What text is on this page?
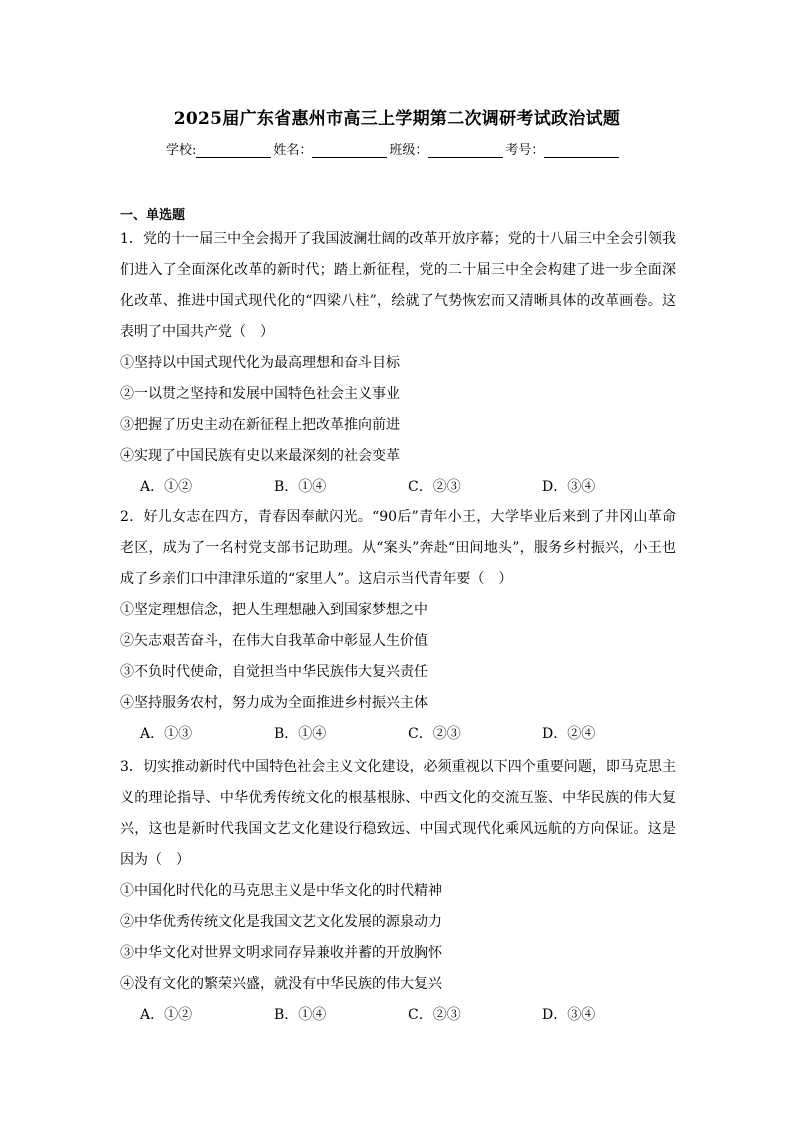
2025届广东省惠州市高三上学期第二次调研考试政治试题
学校:	姓名：	班级：	考号：
一、单选题
1．党的十一届三中全会揭开了我国波澜壮阔的改革开放序幕；党的十八届三中全会引领我们进入了全面深化改革的新时代；踏上新征程，党的二十届三中全会构建了进一步全面深化改革、推进中国式现代化的“四梁八柱”，绘就了气势恢宏而又清晰具体的改革画卷。这表明了中国共产党（　）
①坚持以中国式现代化为最高理想和奋斗目标
②一以贯之坚持和发展中国特色社会主义事业
③把握了历史主动在新征程上把改革推向前进
④实现了中国民族有史以来最深刻的社会变革
A．①②	B．①④	C．②③	D．③④
2．好儿女志在四方，青春因奉献闪光。“90后”青年小王，大学毕业后来到了井冈山革命老区，成为了一名村党支部书记助理。从“案头”奔赴“田间地头”，服务乡村振兴，小王也成了乡亲们口中津津乐道的“家里人”。这启示当代青年要（　）
①坚定理想信念，把人生理想融入到国家梦想之中
②矢志艰苦奋斗，在伟大自我革命中彰显人生价值
③不负时代使命，自觉担当中华民族伟大复兴责任
④坚持服务农村，努力成为全面推进乡村振兴主体
A．①③	B．①④	C．②③	D．②④
3．切实推动新时代中国特色社会主义文化建设，必须重视以下四个重要问题，即马克思主义的理论指导、中华优秀传统文化的根基根脉、中西文化的交流互鉴、中华民族的伟大复兴，这也是新时代我国文艺文化建设行稳致远、中国式现代化乘风远航的方向保证。这是因为（　）
①中国化时代化的马克思主义是中华文化的时代精神
②中华优秀传统文化是我国文艺文化发展的源泉动力
③中华文化对世界文明求同存异兼收并蓄的开放胸怀
④没有文化的繁荣兴盛，就没有中华民族的伟大复兴
A．①②	B．①④	C．②③	D．③④
